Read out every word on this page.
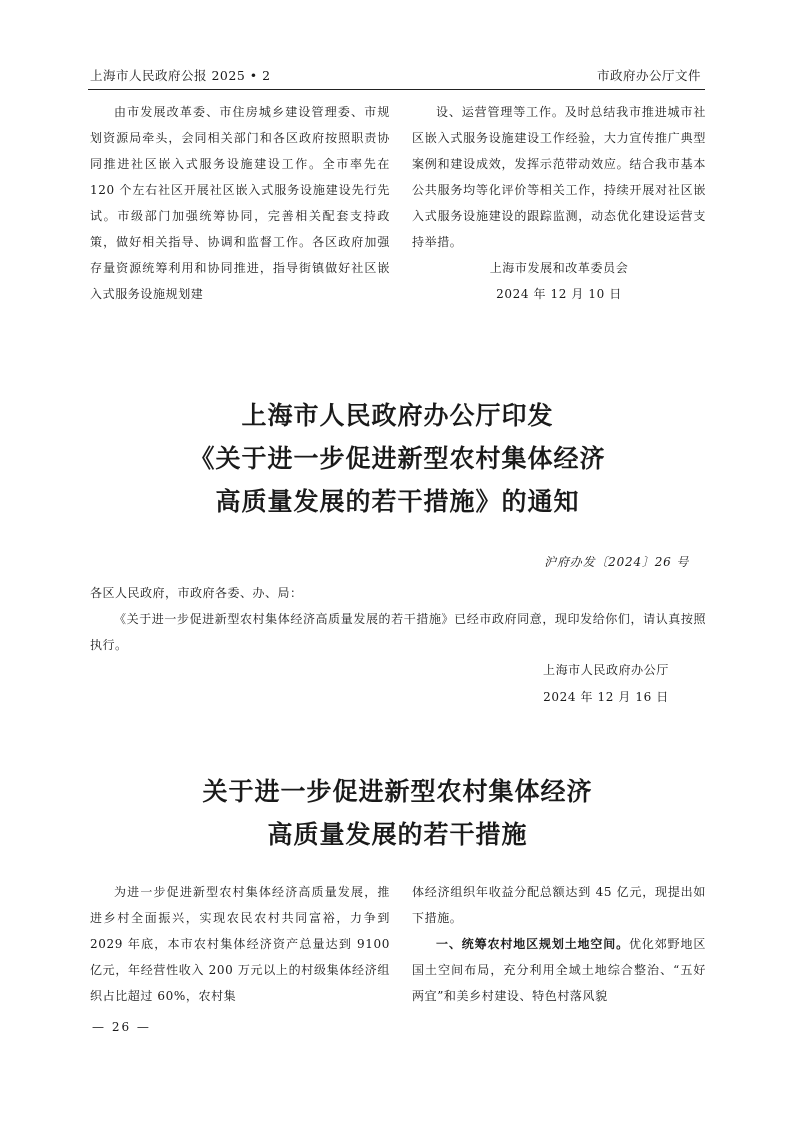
上海市人民政府公报 2025 • 2	市政府办公厅文件

由市发展改革委、市住房城乡建设管理委、市规划资源局牵头，会同相关部门和各区政府按照职责协同推进社区嵌入式服务设施建设工作。全市率先在 120 个左右社区开展社区嵌入式服务设施建设先行先试。市级部门加强统筹协同，完善相关配套支持政策，做好相关指导、协调和监督工作。各区政府加强存量资源统筹利用和协同推进，指导街镇做好社区嵌入式服务设施规划建

设、运营管理等工作。及时总结我市推进城市社区嵌入式服务设施建设工作经验，大力宣传推广典型案例和建设成效，发挥示范带动效应。结合我市基本公共服务均等化评价等相关工作，持续开展对社区嵌入式服务设施建设的跟踪监测，动态优化建设运营支持举措。

上海市发展和改革委员会

2024 年 12 月 10 日

上海市人民政府办公厅印发
《关于进一步促进新型农村集体经济
高质量发展的若干措施》的通知
沪府办发〔2024〕26 号

各区人民政府，市政府各委、办、局：

《关于进一步促进新型农村集体经济高质量发展的若干措施》已经市政府同意，现印发给你们，请认真按照执行。

上海市人民政府办公厅
2024 年 12 月 16 日
关于进一步促进新型农村集体经济
高质量发展的若干措施

为进一步促进新型农村集体经济高质量发展，推进乡村全面振兴，实现农民农村共同富裕，力争到 2029 年底，本市农村集体经济资产总量达到 9100 亿元，年经营性收入 200 万元以上的村级集体经济组织占比超过 60%，农村集

体经济组织年收益分配总额达到 45 亿元，现提出如下措施。

一、统筹农村地区规划土地空间。优化郊野地区国土空间布局，充分利用全域土地综合整治、“五好两宜”和美乡村建设、特色村落风貌

— 26 —
